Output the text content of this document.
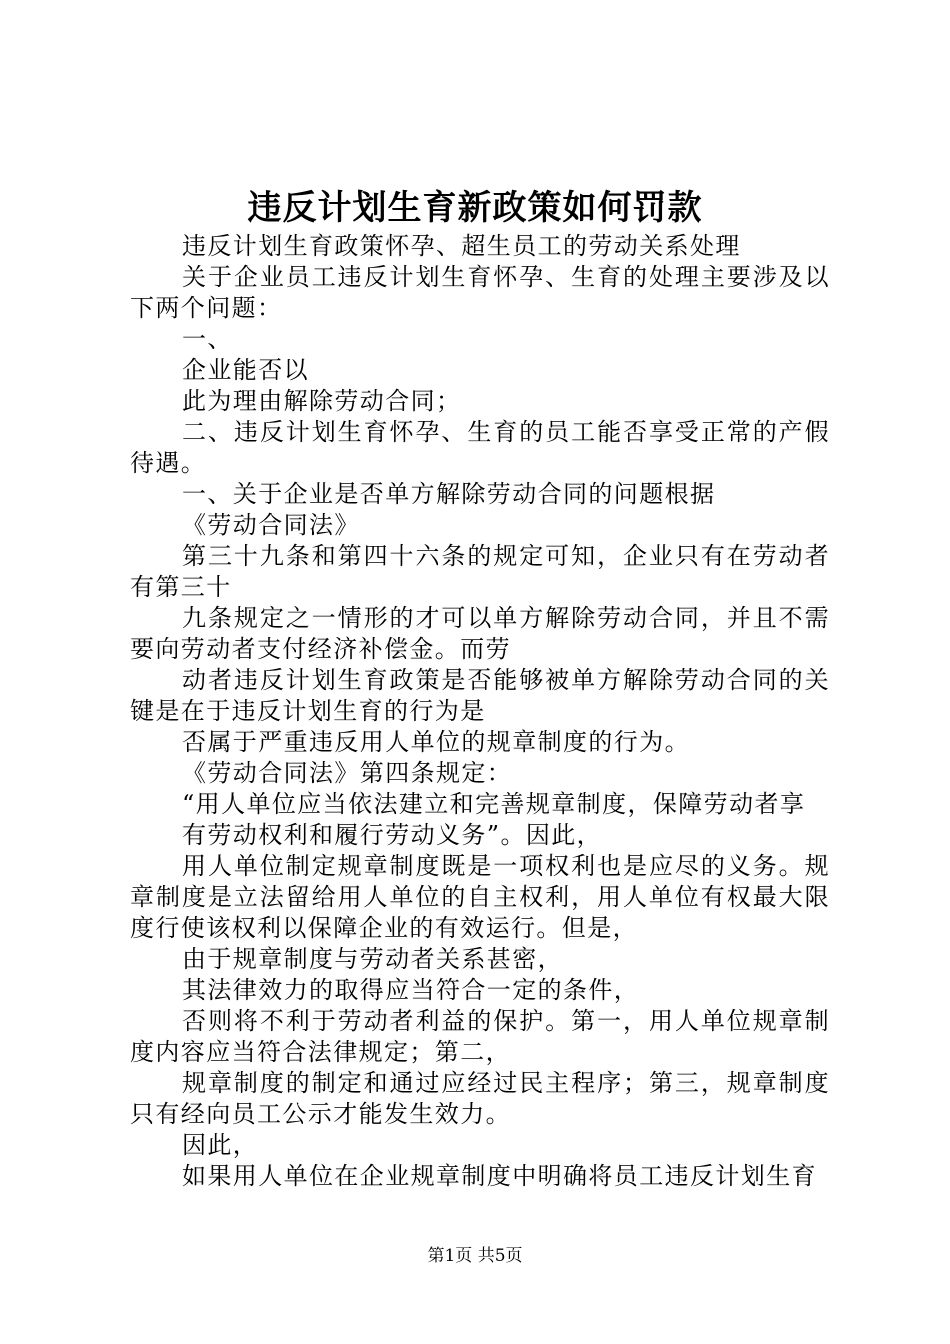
违反计划生育新政策如何罚款

违反计划生育政策怀孕、超生员工的劳动关系处理

关于企业员工违反计划生育怀孕、生育的处理主要涉及以下两个问题：

一、

企业能否以

此为理由解除劳动合同；

二、违反计划生育怀孕、生育的员工能否享受正常的产假待遇。

一、关于企业是否单方解除劳动合同的问题根据

《劳动合同法》

第三十九条和第四十六条的规定可知，企业只有在劳动者有第三十

九条规定之一情形的才可以单方解除劳动合同，并且不需要向劳动者支付经济补偿金。而劳

动者违反计划生育政策是否能够被单方解除劳动合同的关键是在于违反计划生育的行为是

否属于严重违反用人单位的规章制度的行为。

《劳动合同法》第四条规定：

“用人单位应当依法建立和完善规章制度，保障劳动者享

有劳动权利和履行劳动义务”。因此，

用人单位制定规章制度既是一项权利也是应尽的义务。规章制度是立法留给用人单位的自主权利，用人单位有权最大限度行使该权利以保障企业的有效运行。但是，

由于规章制度与劳动者关系甚密，

其法律效力的取得应当符合一定的条件，

否则将不利于劳动者利益的保护。第一，用人单位规章制度内容应当符合法律规定；第二，

规章制度的制定和通过应经过民主程序；第三，规章制度只有经向员工公示才能发生效力。

因此，

如果用人单位在企业规章制度中明确将员工违反计划生育

第1页 共5页
